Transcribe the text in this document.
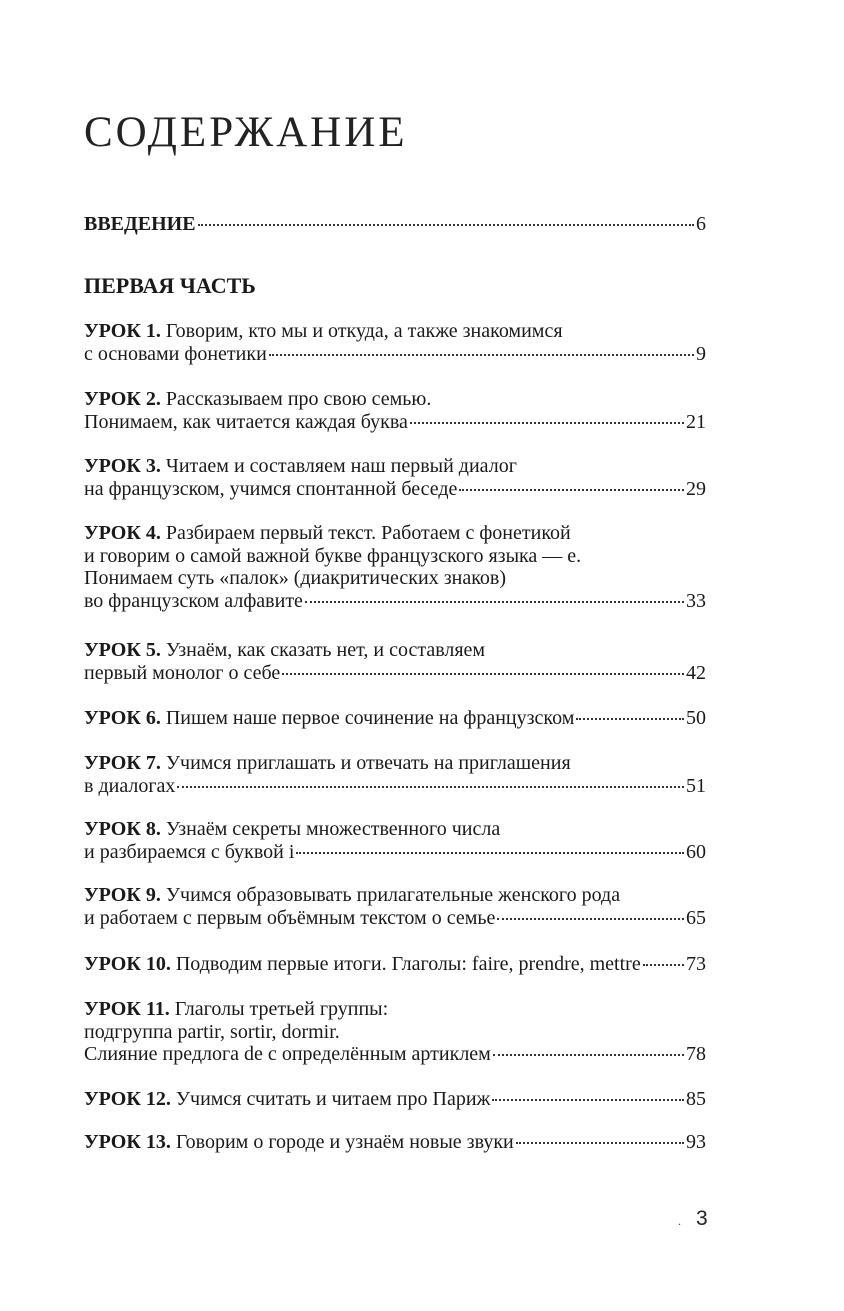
СОДЕРЖАНИЕ
ВВЕДЕНИЕ	6
ПЕРВАЯ ЧАСТЬ
УРОК 1.
Говорим, кто мы и откуда, а также знакомимся
с основами фонетики	9
УРОК 2.
Рассказываем про свою семью.
Понимаем, как читается каждая буква	21
УРОК 3.
Читаем и составляем наш первый диалог
на французском, учимся спонтанной беседе	29
УРОК 4.
Разбираем первый текст. Работаем с фонетикой
и говорим о самой важной букве французского языка — e.
Понимаем суть «палок» (диакритических знаков)
во французском алфавите	33
УРОК 5.
Узнаём, как сказать нет, и составляем
первый монолог о себе	42
УРОК 6.
Пишем наше первое сочинение на французском	50
УРОК 7.
Учимся приглашать и отвечать на приглашения
в диалогах	51
УРОК 8.
Узнаём секреты множественного числа
и разбираемся с буквой i	60
УРОК 9.
Учимся образовывать прилагательные женского рода
и работаем с первым объёмным текстом о семье	65
УРОК 10.
Подводим первые итоги. Глаголы: faire, prendre, mettre 73
УРОК 11.
Глаголы третьей группы:
подгруппа partir, sortir, dormir.
Слияние предлога de с определённым артиклем	78
УРОК 12.
Учимся считать и читаем про Париж	85
УРОК 13.
Говорим о городе и узнаём новые звуки	93
. 3
